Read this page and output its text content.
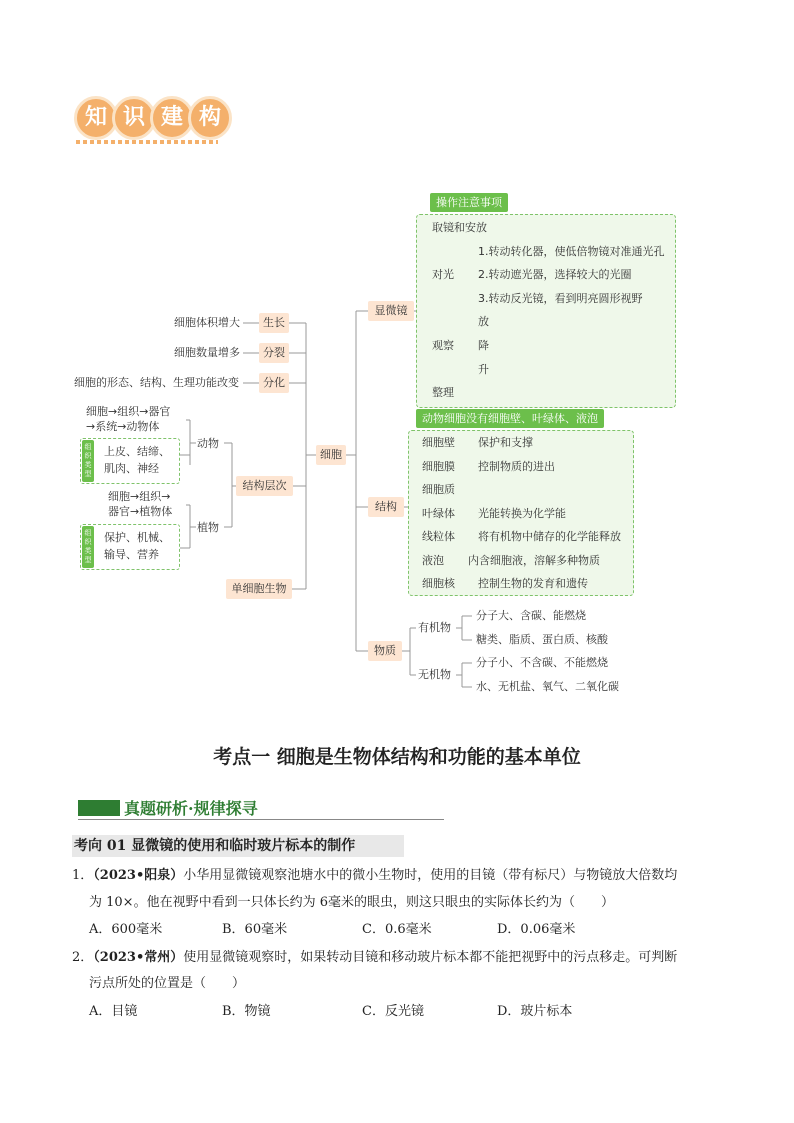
知 识 建 构
细胞体积增大	生长
细胞数量增多	分裂
细胞的形态、结构、生理功能改变	分化
细胞→组织→器官
→系统→动物体
组织类型
上皮、结缔、
肌肉、神经
动物
细胞→组织→
器官→植物体
组织类型
保护、机械、
输导、营养
植物
结构层次
单细胞生物
细胞
显微镜
操作注意事项
取镜和安放
对光
1.转动转化器，使低倍物镜对准通光孔
2.转动遮光器，选择较大的光圈
3.转动反光镜，看到明亮圆形视野
观察
放
降
升
整理
结构
动物细胞没有细胞壁、叶绿体、液泡
细胞壁 保护和支撑
细胞膜 控制物质的进出
细胞质
叶绿体 光能转换为化学能
线粒体 将有机物中储存的化学能释放
液泡 内含细胞液，溶解多种物质
细胞核 控制生物的发育和遗传
物质
有机物
分子大、含碳、能燃烧
糖类、脂质、蛋白质、核酸
无机物
分子小、不含碳、不能燃烧
水、无机盐、氧气、二氧化碳
考点一 细胞是生物体结构和功能的基本单位
真题研析·规律探寻
考向 01 显微镜的使用和临时玻片标本的制作
1．（2023•阳泉）小华用显微镜观察池塘水中的微小生物时，使用的目镜（带有标尺）与物镜放大倍数均
为 10×。他在视野中看到一只体长约为 6毫米的眼虫，则这只眼虫的实际体长约为（　　）
A．600毫米	B．60毫米	C．0.6毫米	D．0.06毫米
2．（2023•常州）使用显微镜观察时，如果转动目镜和移动玻片标本都不能把视野中的污点移走。可判断
污点所处的位置是（　　）
A．目镜	B．物镜	C．反光镜	D．玻片标本
